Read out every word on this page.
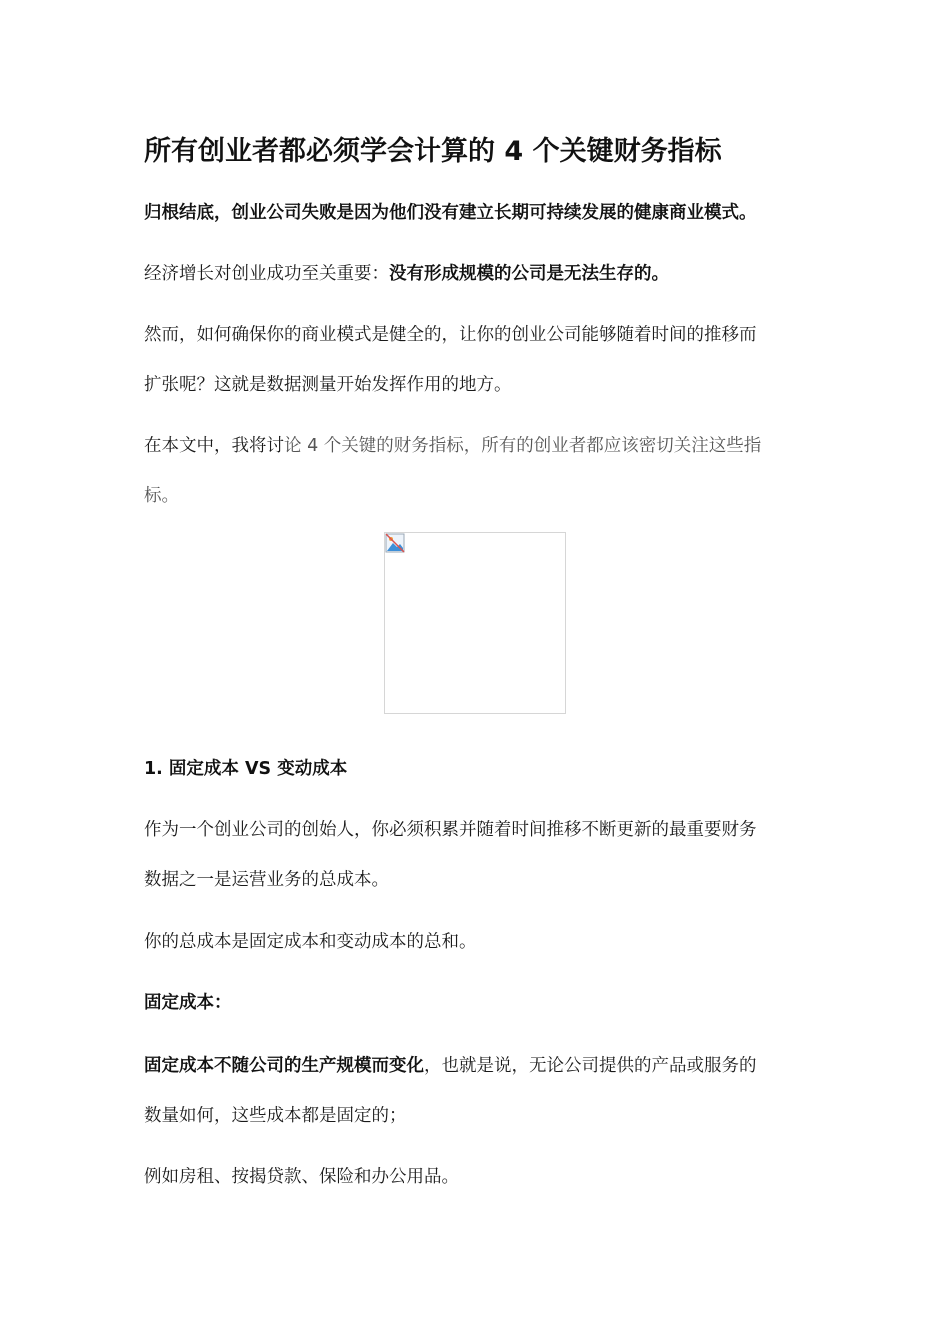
所有创业者都必须学会计算的 4 个关键财务指标

归根结底，创业公司失败是因为他们没有建立长期可持续发展的健康商业模式。

经济增长对创业成功至关重要：没有形成规模的公司是无法生存的。

然而，如何确保你的商业模式是健全的，让你的创业公司能够随着时间的推移而
扩张呢？这就是数据测量开始发挥作用的地方。

在本文中，我将讨论 4 个关键的财务指标，所有的创业者都应该密切关注这些指
标。

1. 固定成本 VS 变动成本

作为一个创业公司的创始人，你必须积累并随着时间推移不断更新的最重要财务
数据之一是运营业务的总成本。

你的总成本是固定成本和变动成本的总和。

固定成本：

固定成本不随公司的生产规模而变化，也就是说，无论公司提供的产品或服务的
数量如何，这些成本都是固定的；

例如房租、按揭贷款、保险和办公用品。
